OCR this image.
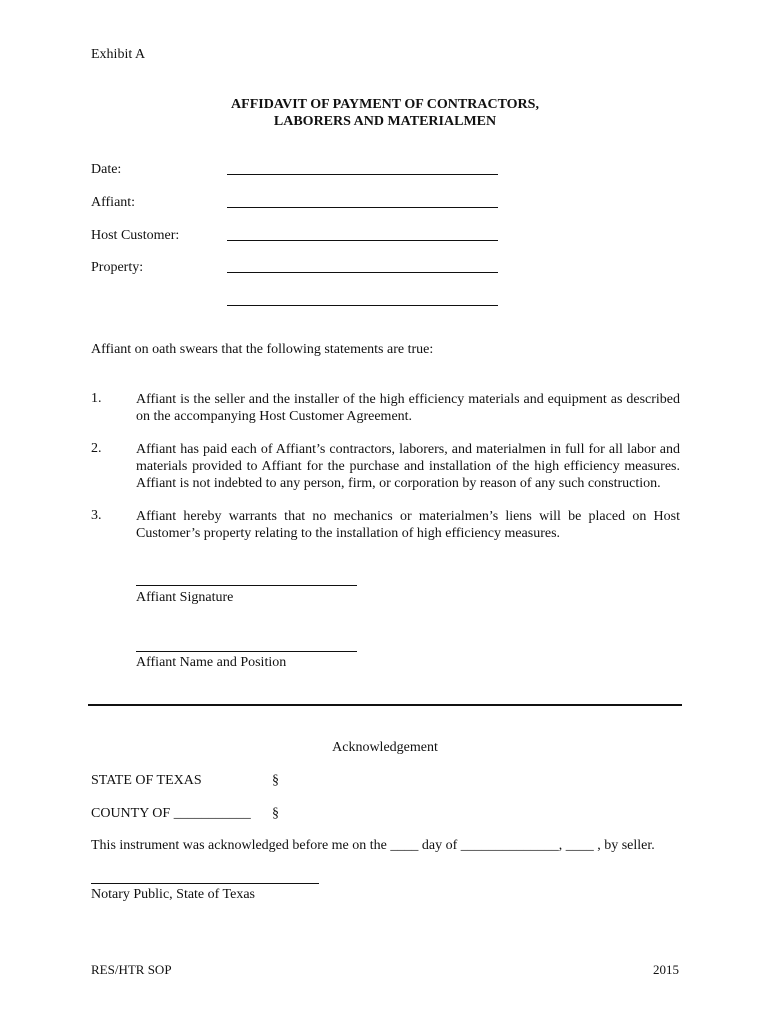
Exhibit A
AFFIDAVIT OF PAYMENT OF CONTRACTORS,
LABORERS AND MATERIALMEN
Date:
Affiant:
Host Customer:
Property:
Affiant on oath swears that the following statements are true:
1. Affiant is the seller and the installer of the high efficiency materials and equipment as described on the accompanying Host Customer Agreement.
2. Affiant has paid each of Affiant’s contractors, laborers, and materialmen in full for all labor and materials provided to Affiant for the purchase and installation of the high efficiency measures. Affiant is not indebted to any person, firm, or corporation by reason of any such construction.
3. Affiant hereby warrants that no mechanics or materialmen’s liens will be placed on Host Customer’s property relating to the installation of high efficiency measures.
Affiant Signature
Affiant Name and Position
Acknowledgement
STATE OF TEXAS	§
COUNTY OF ___________ §
This instrument was acknowledged before me on the ____ day of ______________, ____ , by seller.
Notary Public, State of Texas
RES/HTR SOP	2015
